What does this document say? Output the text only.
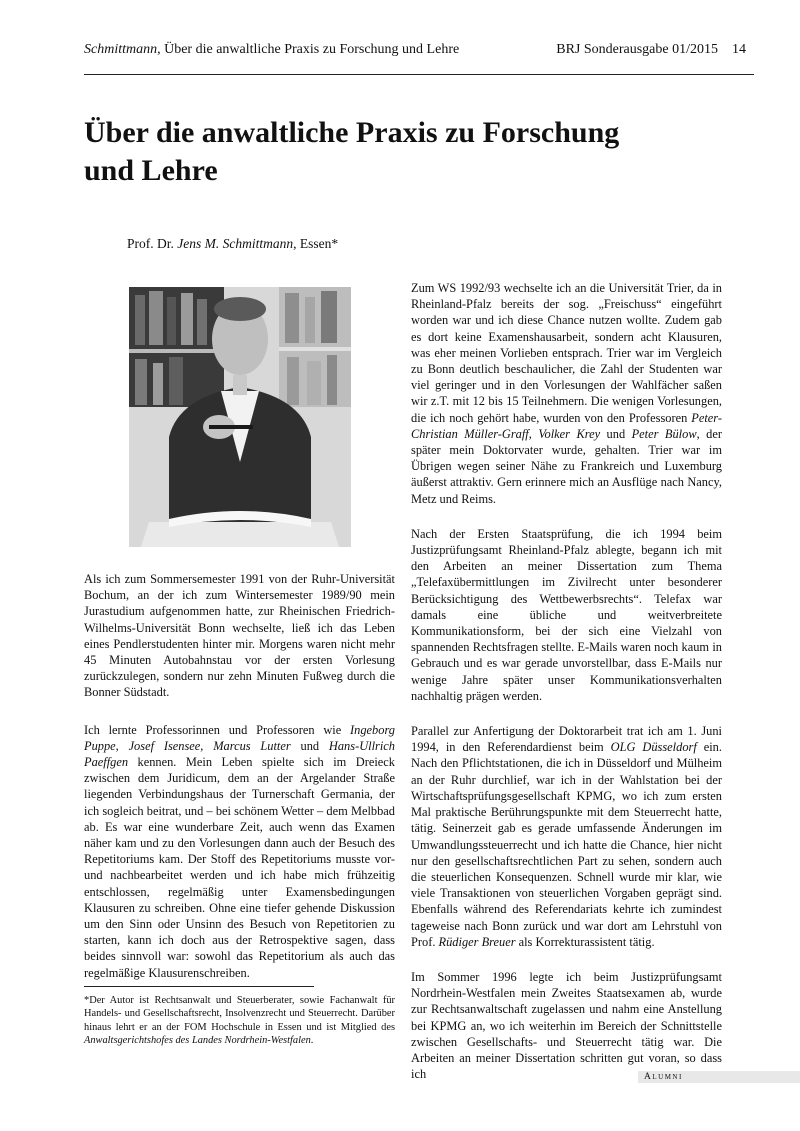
Schmittmann, Über die anwaltliche Praxis zu Forschung und Lehre	BRJ Sonderausgabe 01/2015 14
Über die anwaltliche Praxis zu Forschung und Lehre
Prof. Dr. Jens M. Schmittmann, Essen*

Als ich zum Sommersemester 1991 von der Ruhr-Universität Bochum, an der ich zum Wintersemester 1989/90 mein Jurastudium aufgenommen hatte, zur Rheinischen Friedrich-Wilhelms-Universität Bonn wechselte, ließ ich das Leben eines Pendlerstudenten hinter mir. Morgens waren nicht mehr 45 Minuten Autobahnstau vor der ersten Vorlesung zurückzulegen, sondern nur zehn Minuten Fußweg durch die Bonner Südstadt.

Ich lernte Professorinnen und Professoren wie Ingeborg Puppe, Josef Isensee, Marcus Lutter und Hans-Ullrich Paeffgen kennen. Mein Leben spielte sich im Dreieck zwischen dem Juridicum, dem an der Argelander Straße liegenden Verbindungshaus der Turnerschaft Germania, der ich sogleich beitrat, und – bei schönem Wetter – dem Melbbad ab. Es war eine wunderbare Zeit, auch wenn das Examen näher kam und zu den Vorlesungen dann auch der Besuch des Repetitoriums kam. Der Stoff des Repetitoriums musste vor- und nachbearbeitet werden und ich habe mich frühzeitig entschlossen, regelmäßig unter Examensbedingungen Klausuren zu schreiben. Ohne eine tiefer gehende Diskussion um den Sinn oder Unsinn des Besuch von Repetitorien zu starten, kann ich doch aus der Retrospektive sagen, dass beides sinnvoll war: sowohl das Repetitorium als auch das regelmäßige Klausurenschreiben.

Zum WS 1992/93 wechselte ich an die Universität Trier, da in Rheinland-Pfalz bereits der sog. „Freischuss“ eingeführt worden war und ich diese Chance nutzen wollte. Zudem gab es dort keine Examenshausarbeit, sondern acht Klausuren, was eher meinen Vorlieben entsprach. Trier war im Vergleich zu Bonn deutlich beschaulicher, die Zahl der Studenten war viel geringer und in den Vorlesungen der Wahlfächer saßen wir z.T. mit 12 bis 15 Teilnehmern. Die wenigen Vorlesungen, die ich noch gehört habe, wurden von den Professoren Peter-Christian Müller-Graff, Volker Krey und Peter Bülow, der später mein Doktorvater wurde, gehalten. Trier war im Übrigen wegen seiner Nähe zu Frankreich und Luxemburg äußerst attraktiv. Gern erinnere mich an Ausflüge nach Nancy, Metz und Reims.

Nach der Ersten Staatsprüfung, die ich 1994 beim Justizprüfungsamt Rheinland-Pfalz ablegte, begann ich mit den Arbeiten an meiner Dissertation zum Thema „Telefaxübermittlungen im Zivilrecht unter besonderer Berücksichtigung des Wettbewerbsrechts“. Telefax war damals eine übliche und weitverbreitete Kommunikationsform, bei der sich eine Vielzahl von spannenden Rechtsfragen stellte. E-Mails waren noch kaum in Gebrauch und es war gerade unvorstellbar, dass E-Mails nur wenige Jahre später unser Kommunikationsverhalten nachhaltig prägen werden.

Parallel zur Anfertigung der Doktorarbeit trat ich am 1. Juni 1994, in den Referendardienst beim OLG Düsseldorf ein. Nach den Pflichtstationen, die ich in Düsseldorf und Mülheim an der Ruhr durchlief, war ich in der Wahlstation bei der Wirtschaftsprüfungsgesellschaft KPMG, wo ich zum ersten Mal praktische Berührungspunkte mit dem Steuerrecht hatte, tätig. Seinerzeit gab es gerade umfassende Änderungen im Umwandlungssteuerrecht und ich hatte die Chance, hier nicht nur den gesellschaftsrechtlichen Part zu sehen, sondern auch die steuerlichen Konsequenzen. Schnell wurde mir klar, wie viele Transaktionen von steuerlichen Vorgaben geprägt sind. Ebenfalls während des Referendariats kehrte ich zumindest tageweise nach Bonn zurück und war dort am Lehrstuhl von Prof. Rüdiger Breuer als Korrekturassistent tätig.

Im Sommer 1996 legte ich beim Justizprüfungsamt Nordrhein-Westfalen mein Zweites Staatsexamen ab, wurde zur Rechtsanwaltschaft zugelassen und nahm eine Anstellung bei KPMG an, wo ich weiterhin im Bereich der Schnittstelle zwischen Gesellschafts- und Steuerrecht tätig war. Die Arbeiten an meiner Dissertation schritten gut voran, so dass ich

*Der Autor ist Rechtsanwalt und Steuerberater, sowie Fachanwalt für Handels- und Gesellschaftsrecht, Insolvenzrecht und Steuerrecht. Darüber hinaus lehrt er an der FOM Hochschule in Essen und ist Mitglied des Anwaltsgerichtshofes des Landes Nordrhein-Westfalen.

Alumni
